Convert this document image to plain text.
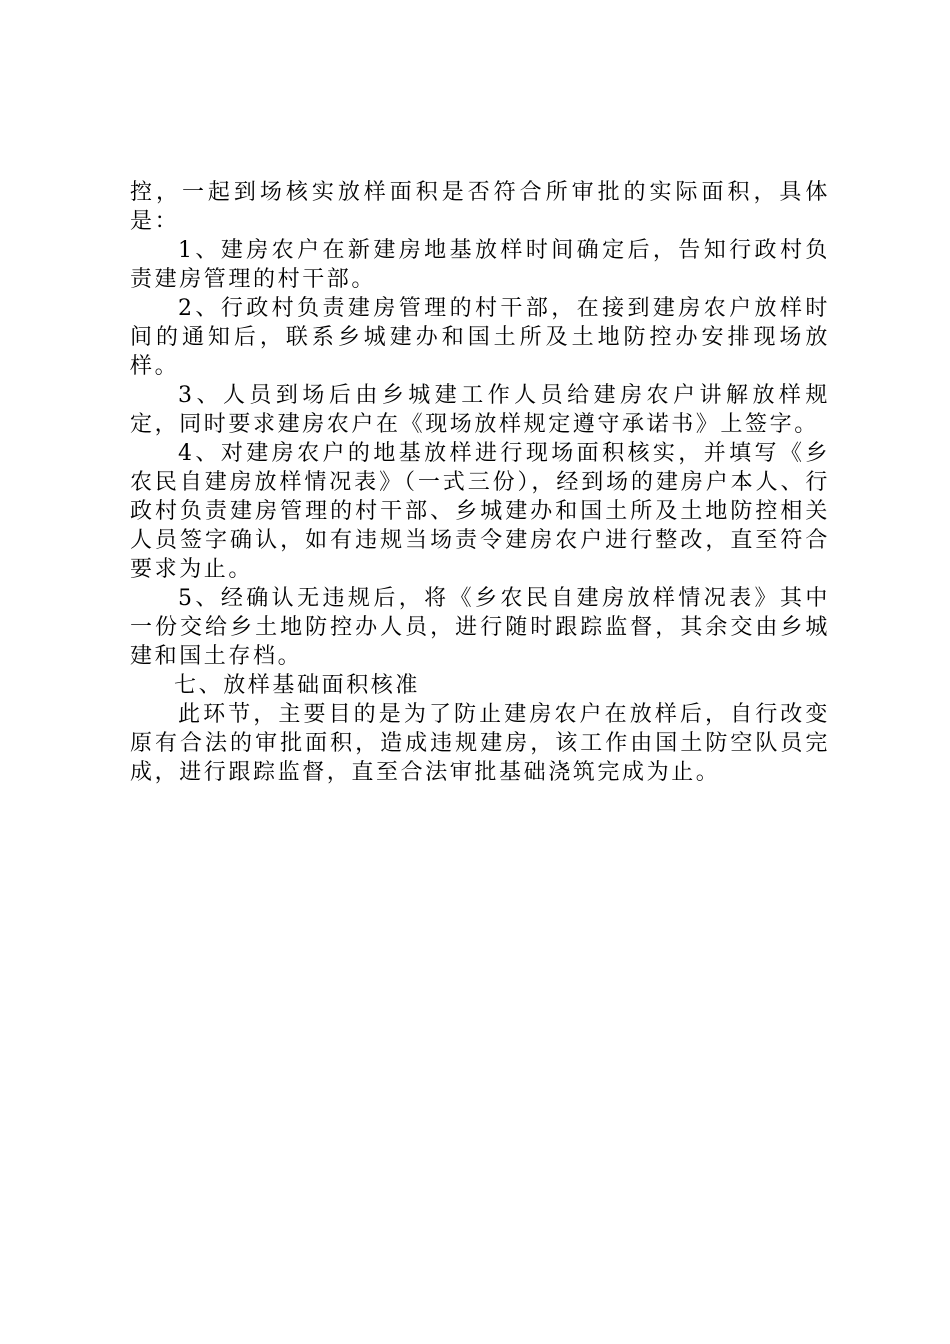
控，一起到场核实放样面积是否符合所审批的实际面积，具体是：

1、建房农户在新建房地基放样时间确定后，告知行政村负责建房管理的村干部。

2、行政村负责建房管理的村干部，在接到建房农户放样时间的通知后，联系乡城建办和国土所及土地防控办安排现场放样。

3、人员到场后由乡城建工作人员给建房农户讲解放样规定，同时要求建房农户在《现场放样规定遵守承诺书》上签字。

4、对建房农户的地基放样进行现场面积核实，并填写《乡农民自建房放样情况表》（一式三份），经到场的建房户本人、行政村负责建房管理的村干部、乡城建办和国土所及土地防控相关人员签字确认，如有违规当场责令建房农户进行整改，直至符合要求为止。

5、经确认无违规后，将《乡农民自建房放样情况表》其中一份交给乡土地防控办人员，进行随时跟踪监督，其余交由乡城建和国土存档。

七、放样基础面积核准

此环节，主要目的是为了防止建房农户在放样后，自行改变原有合法的审批面积，造成违规建房，该工作由国土防空队员完成，进行跟踪监督，直至合法审批基础浇筑完成为止。
